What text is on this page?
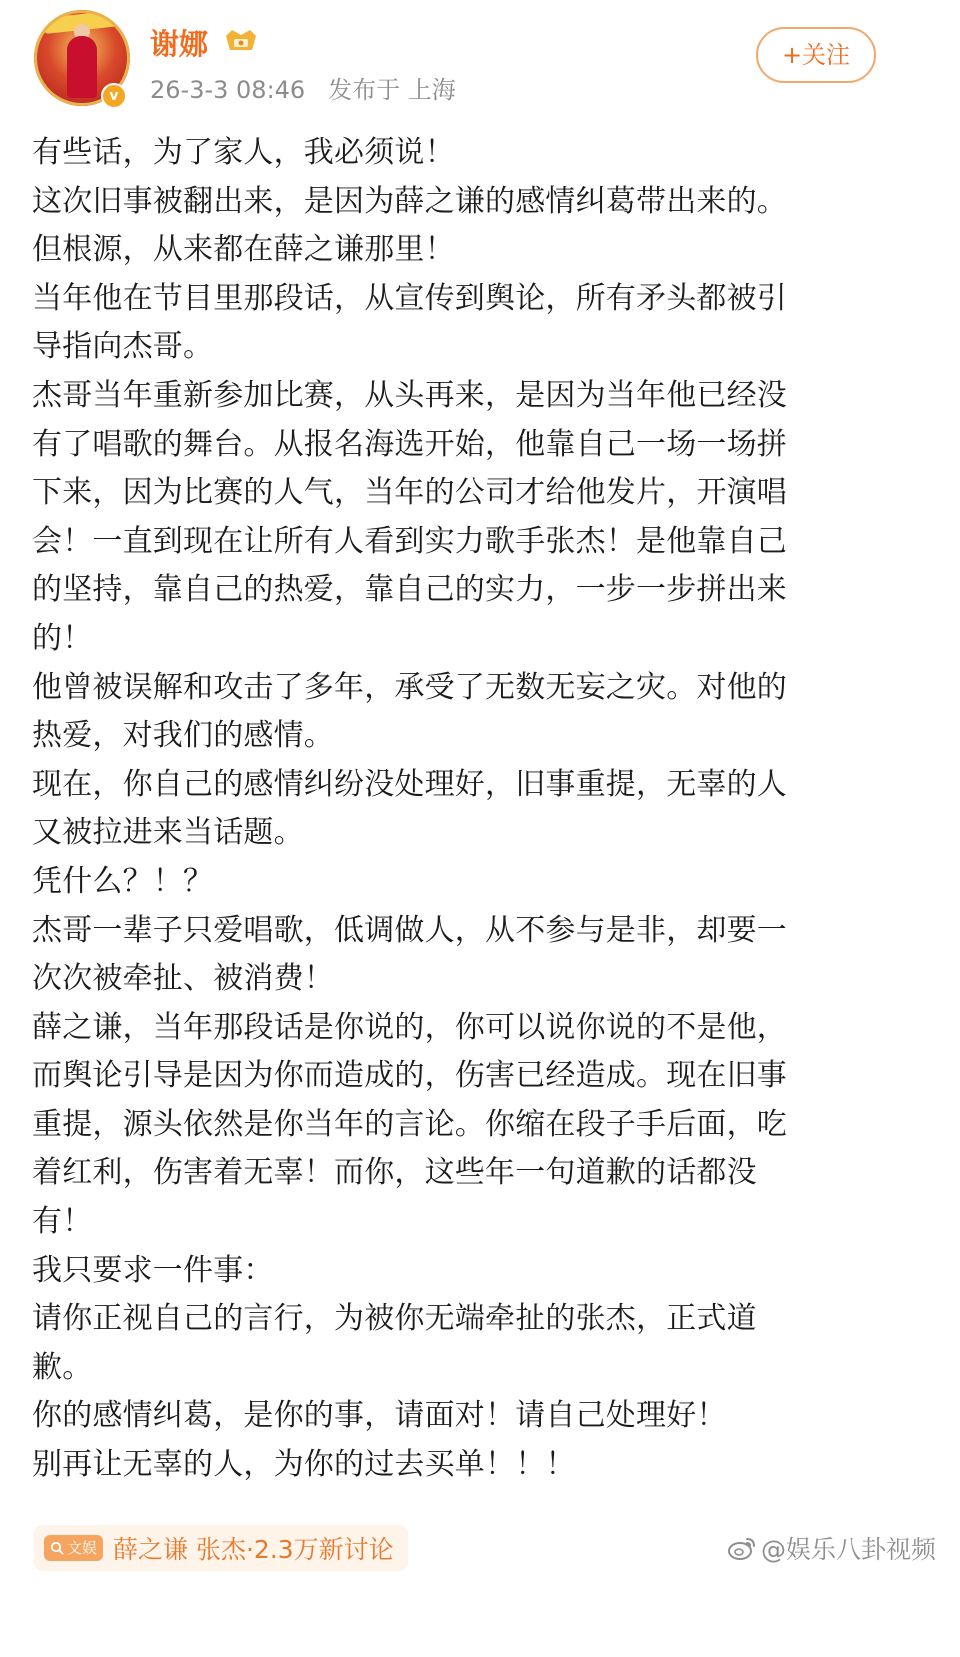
v
谢娜
26-3-3 08:46 发布于 上海
+关注
有些话，为了家人，我必须说！
这次旧事被翻出来，是因为薛之谦的感情纠葛带出来的。
但根源，从来都在薛之谦那里！
当年他在节目里那段话，从宣传到舆论，所有矛头都被引
导指向杰哥。
杰哥当年重新参加比赛，从头再来，是因为当年他已经没
有了唱歌的舞台。从报名海选开始，他靠自己一场一场拼
下来，因为比赛的人气，当年的公司才给他发片，开演唱
会！一直到现在让所有人看到实力歌手张杰！是他靠自己
的坚持，靠自己的热爱，靠自己的实力，一步一步拼出来
的！
他曾被误解和攻击了多年，承受了无数无妄之灾。对他的
热爱，对我们的感情。
现在，你自己的感情纠纷没处理好，旧事重提，无辜的人
又被拉进来当话题。
凭什么？！？
杰哥一辈子只爱唱歌，低调做人，从不参与是非，却要一
次次被牵扯、被消费！
薛之谦，当年那段话是你说的，你可以说你说的不是他，
而舆论引导是因为你而造成的，伤害已经造成。现在旧事
重提，源头依然是你当年的言论。你缩在段子手后面，吃
着红利，伤害着无辜！而你，这些年一句道歉的话都没
有！
我只要求一件事：
请你正视自己的言行，为被你无端牵扯的张杰，正式道
歉。
你的感情纠葛，是你的事，请面对！请自己处理好！
别再让无辜的人，为你的过去买单！！！
文娱 薛之谦 张杰·2.3万新讨论	@娱乐八卦视频
